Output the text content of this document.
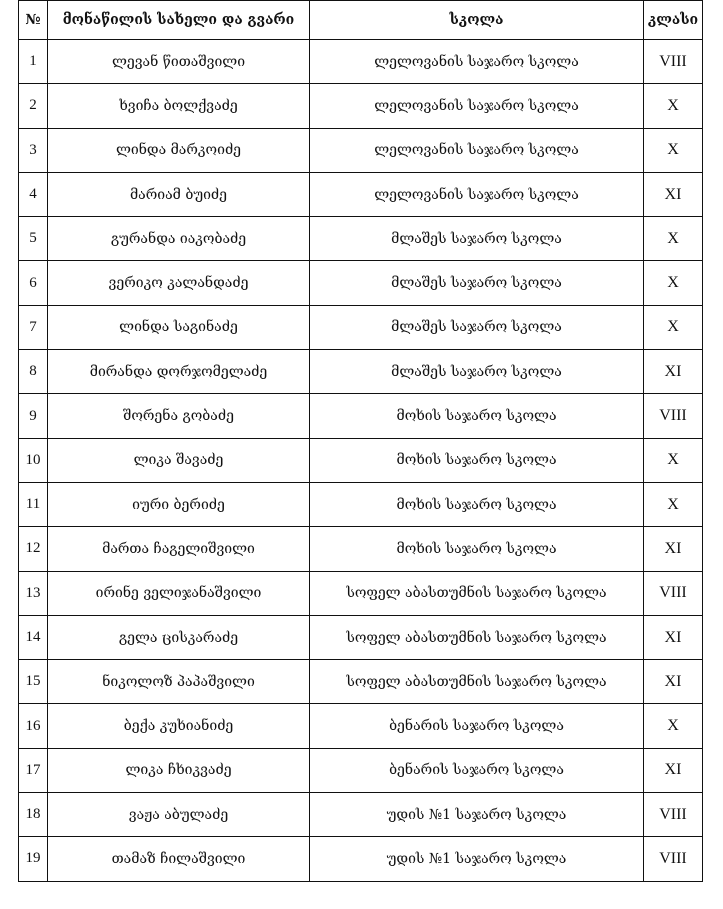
№	მონაწილის სახელი და გვარი	სკოლა	კლასი
1	ლევან წითაშვილი	ლელოვანის საჯარო სკოლა	VIII
2	ხვიჩა ბოლქვაძე	ლელოვანის საჯარო სკოლა	X
3	ლინდა მარკოიძე	ლელოვანის საჯარო სკოლა	X
4	მარიამ ბუიძე	ლელოვანის საჯარო სკოლა	XI
5	გურანდა იაკობაძე	მლაშეს საჯარო სკოლა	X
6	ვერიკო კალანდაძე	მლაშეს საჯარო სკოლა	X
7	ლინდა საგინაძე	მლაშეს საჯარო სკოლა	X
8	მირანდა დორჯომელაძე	მლაშეს საჯარო სკოლა	XI
9	შორენა გობაძე	მოხის საჯარო სკოლა	VIII
10	ლიკა შავაძე	მოხის საჯარო სკოლა	X
11	იური ბერიძე	მოხის საჯარო სკოლა	X
12	მართა ჩაგელიშვილი	მოხის საჯარო სკოლა	XI
13	ირინე ველიჯანაშვილი	სოფელ აბასთუმნის საჯარო სკოლა	VIII
14	გელა ცისკარაძე	სოფელ აბასთუმნის საჯარო სკოლა	XI
15	ნიკოლოზ პაპაშვილი	სოფელ აბასთუმნის საჯარო სკოლა	XI
16	ბექა კუხიანიძე	ბენარის საჯარო სკოლა	X
17	ლიკა ჩხიკვაძე	ბენარის საჯარო სკოლა	XI
18	ვაჟა აბულაძე	უდის №1 საჯარო სკოლა	VIII
19	თამაზ ჩილაშვილი	უდის №1 საჯარო სკოლა	VIII
